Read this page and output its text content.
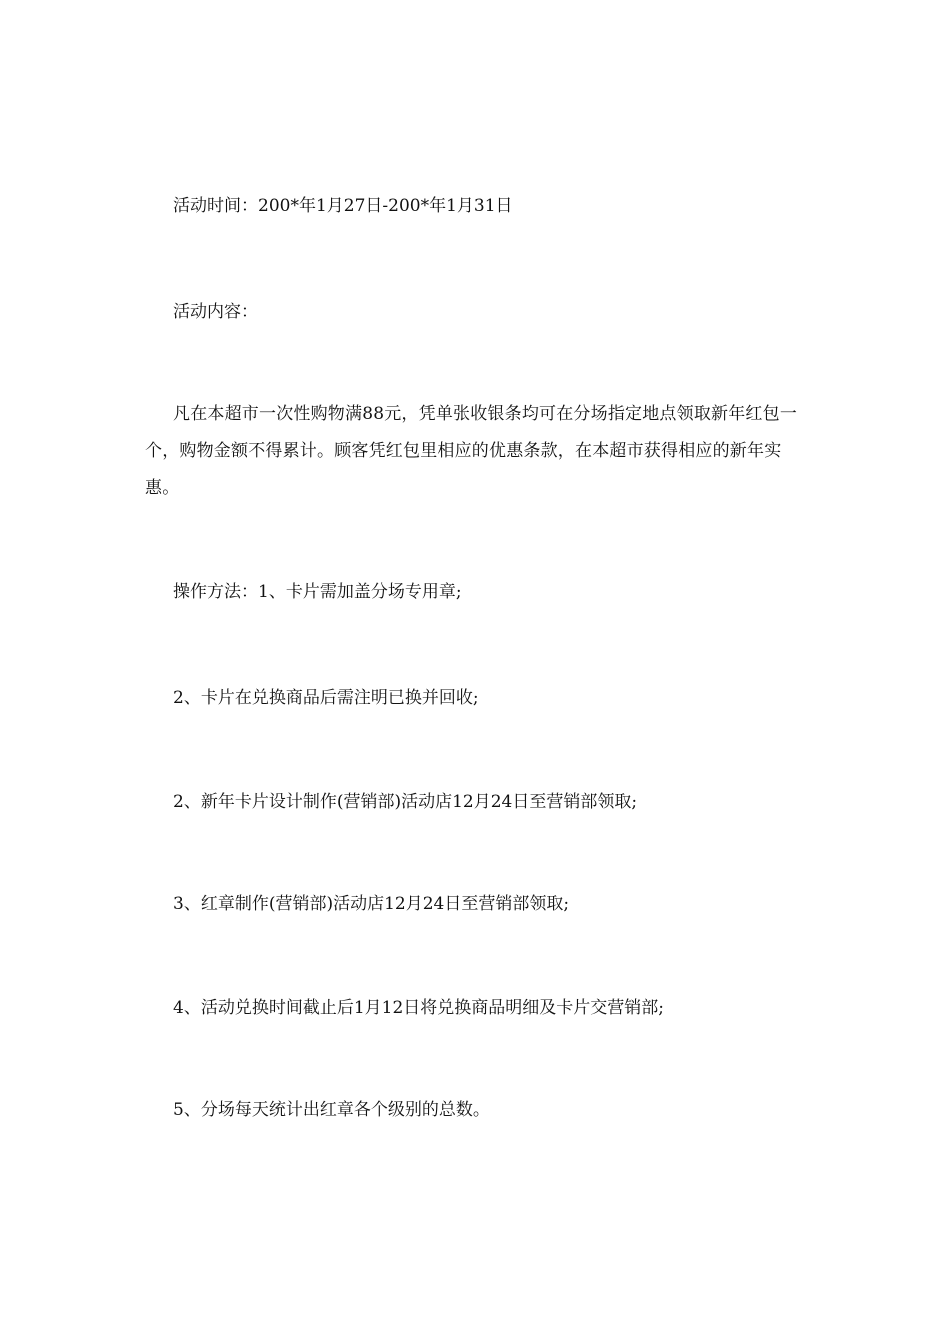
活动时间：200*年1月27日-200*年1月31日

活动内容：

凡在本超市一次性购物满88元，凭单张收银条均可在分场指定地点领取新年红包一个，购物金额不得累计。顾客凭红包里相应的优惠条款，在本超市获得相应的新年实惠。

操作方法：1、卡片需加盖分场专用章;

2、卡片在兑换商品后需注明已换并回收;

2、新年卡片设计制作(营销部)活动店12月24日至营销部领取;

3、红章制作(营销部)活动店12月24日至营销部领取;

4、活动兑换时间截止后1月12日将兑换商品明细及卡片交营销部;

5、分场每天统计出红章各个级别的总数。
